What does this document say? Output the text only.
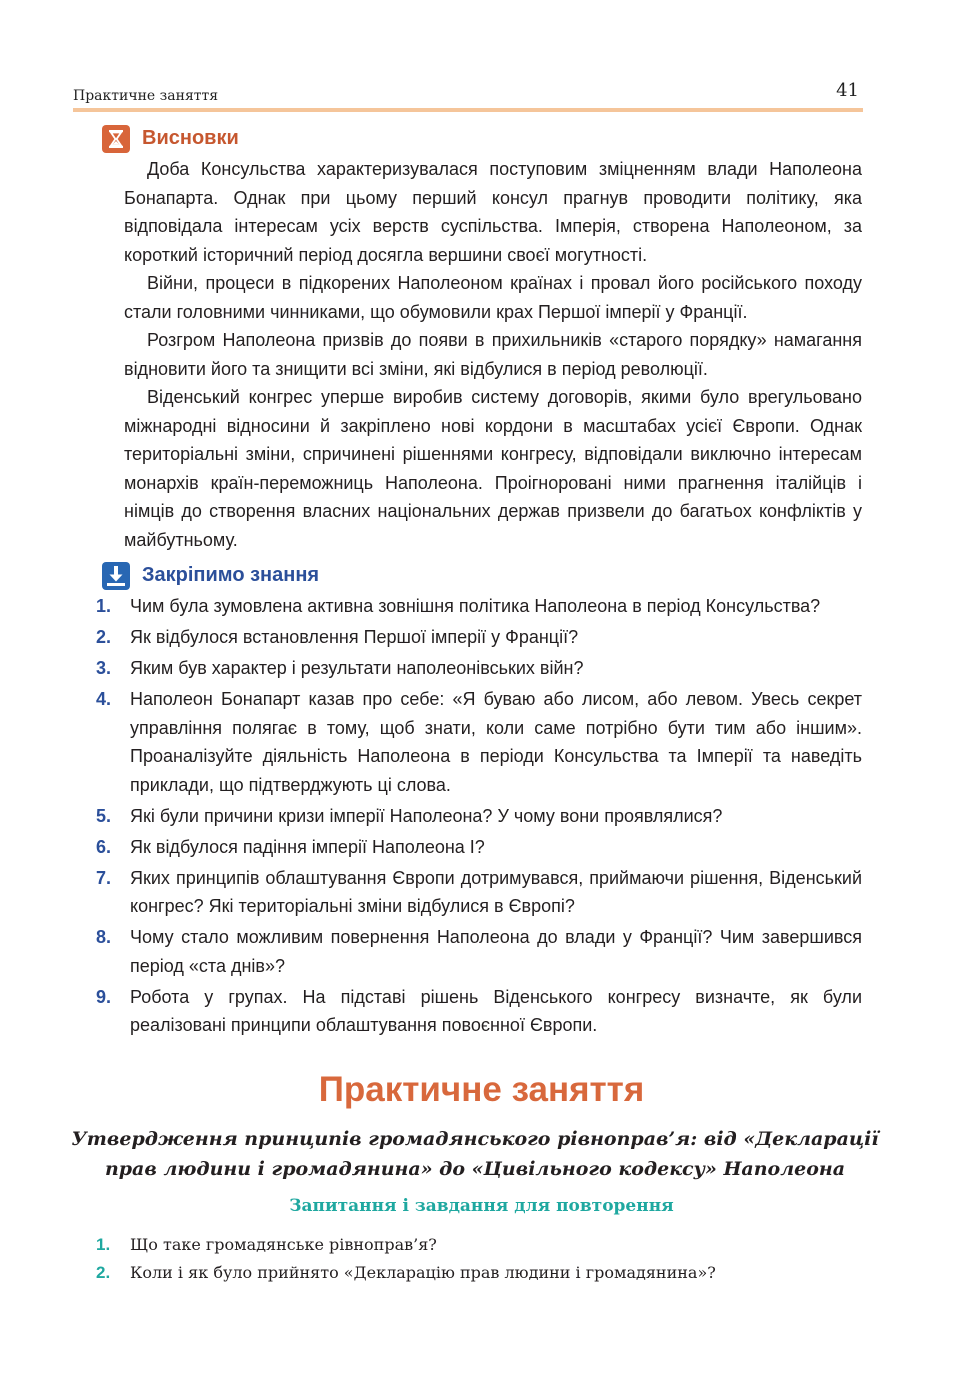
Практичне заняття	41
Висновки

Доба Консульства характеризувалася поступовим зміцненням влади Наполеона Бонапарта. Однак при цьому перший консул прагнув проводити політику, яка відповідала інтересам усіх верств суспільства. Імперія, створена Наполеоном, за короткий історичний період досягла вершини своєї могутності.

Війни, процеси в підкорених Наполеоном країнах і провал його російського походу стали головними чинниками, що обумовили крах Першої імперії у Франції.

Розгром Наполеона призвів до появи в прихильників «старого порядку» намагання відновити його та знищити всі зміни, які відбулися в період революції.

Віденський конгрес уперше виробив систему договорів, якими було врегульовано міжнародні відносини й закріплено нові кордони в масштабах усієї Європи. Однак територіальні зміни, спричинені рішеннями конгресу, відповідали виключно інтересам монархів країн-переможниць Наполеона. Проігноровані ними прагнення італійців і німців до створення власних національних держав призвели до багатьох конфліктів у майбутньому.

Закріпимо знання
1. Чим була зумовлена активна зовнішня політика Наполеона в період Консульства?
2. Як відбулося встановлення Першої імперії у Франції?
3. Яким був характер і результати наполеонівських війн?
4. Наполеон Бонапарт казав про себе: «Я буваю або лисом, або левом. Увесь секрет управління полягає в тому, щоб знати, коли саме потрібно бути тим або іншим». Проаналізуйте діяльність Наполеона в періоди Консульства та Імперії та наведіть приклади, що підтверджують ці слова.
5. Які були причини кризи імперії Наполеона? У чому вони проявлялися?
6. Як відбулося падіння імперії Наполеона I?
7. Яких принципів облаштування Європи дотримувався, приймаючи рішення, Віденський конгрес? Які територіальні зміни відбулися в Європі?
8. Чому стало можливим повернення Наполеона до влади у Франції? Чим завершився період «ста днів»?
9. Робота у групах. На підставі рішень Віденського конгресу визначте, як були реалізовані принципи облаштування повоєнної Європи.
Практичне заняття
Утвердження принципів громадянського рівноправ’я: від «Декларації прав людини і громадянина» до «Цивільного кодексу» Наполеона
Запитання і завдання для повторення
1. Що таке громадянське рівноправ’я?
2. Коли і як було прийнято «Декларацію прав людини і громадянина»?
